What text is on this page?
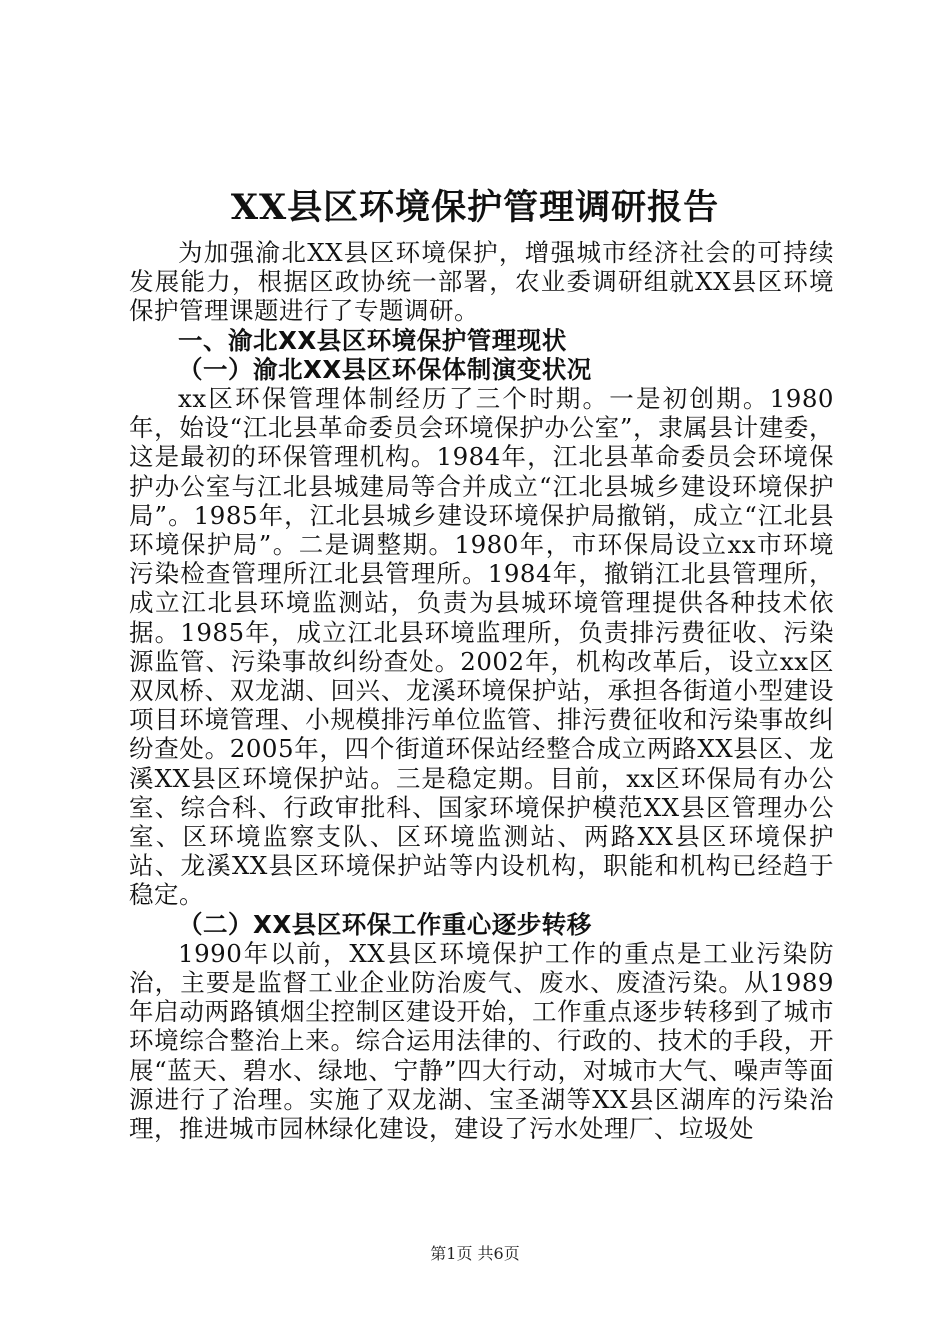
XX县区环境保护管理调研报告

为加强渝北XX县区环境保护，增强城市经济社会的可持续发展能力，根据区政协统一部署，农业委调研组就XX县区环境保护管理课题进行了专题调研。

一、渝北XX县区环境保护管理现状

（一）渝北XX县区环保体制演变状况

xx区环保管理体制经历了三个时期。一是初创期。1980年，始设“江北县革命委员会环境保护办公室”，隶属县计建委，这是最初的环保管理机构。1984年，江北县革命委员会环境保护办公室与江北县城建局等合并成立“江北县城乡建设环境保护局”。1985年，江北县城乡建设环境保护局撤销，成立“江北县环境保护局”。二是调整期。1980年，市环保局设立xx市环境污染检查管理所江北县管理所。1984年，撤销江北县管理所，成立江北县环境监测站，负责为县城环境管理提供各种技术依据。1985年，成立江北县环境监理所，负责排污费征收、污染源监管、污染事故纠纷查处。2002年，机构改革后，设立xx区双凤桥、双龙湖、回兴、龙溪环境保护站，承担各街道小型建设项目环境管理、小规模排污单位监管、排污费征收和污染事故纠纷查处。2005年，四个街道环保站经整合成立两路XX县区、龙溪XX县区环境保护站。三是稳定期。目前，xx区环保局有办公室、综合科、行政审批科、国家环境保护模范XX县区管理办公室、区环境监察支队、区环境监测站、两路XX县区环境保护站、龙溪XX县区环境保护站等内设机构，职能和机构已经趋于稳定。

（二）XX县区环保工作重心逐步转移

1990年以前，XX县区环境保护工作的重点是工业污染防治，主要是监督工业企业防治废气、废水、废渣污染。从1989年启动两路镇烟尘控制区建设开始，工作重点逐步转移到了城市环境综合整治上来。综合运用法律的、行政的、技术的手段，开展“蓝天、碧水、绿地、宁静”四大行动，对城市大气、噪声等面源进行了治理。实施了双龙湖、宝圣湖等XX县区湖库的污染治理，推进城市园林绿化建设，建设了污水处理厂、垃圾处

第1页 共6页
